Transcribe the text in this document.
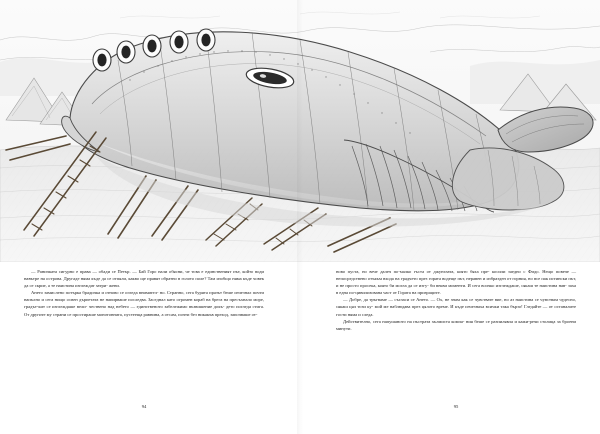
— Раничката сигурно е права — обади се Петър. — Бай Горо нали обясни, че това е единственият път, който води навътре на острова. Другаде няма къде да се отпяли, какво ще правят обратно в голото поле? Там изобщо няма къде човек да се скрие, а те наистина изглеждат затри- жени.

Ането замислено потърка брадичка и отново се огледа внимател- но. Странно, сега бурята празът беше изчезнал почти напълно и сега нищо освен дърпетата не напирваше последва. Заседнал като огромен кораб на брега на пресъхнало море, градът-кит се изглеждаше вели- чествено над небето — единственото забележимо възвишение докъ- дето погледа стига. От другите му страни се простираше монотонната, пустееща равнина, а отсам, почти без никакъв преход, започваше от-

ново пуста, но вече далеч по-малко гъста от джунглата, която бяха пре- косили заедно с Фидо. Нещо повече — непосредствено отъкъм входа на градчето през гората водеще път, неравен и избразден от горния, но все пак истински път, и не просто просека, която би могла да се изгу- би векви моменти. И сега всичко изглеждаше, сякаш те наистина нав- заха в една по-цивилизована част от Гората на призраците.

— Добре, да тръгваме — съгласи се Ането. — Ох, не знам как се чувствате вие, но аз наистина се чувствам чудесно, сякаш цял този ку- мой ме наблюдава през цялото време. И къде изчезнаха всички така бързо! Гледайте — от останалите гости няма и следа.

Действително, сега напушаното на пъстрата хълмиста компа- ния беше се разпилявла и кажи-речи столица за броени минути.

94	95
